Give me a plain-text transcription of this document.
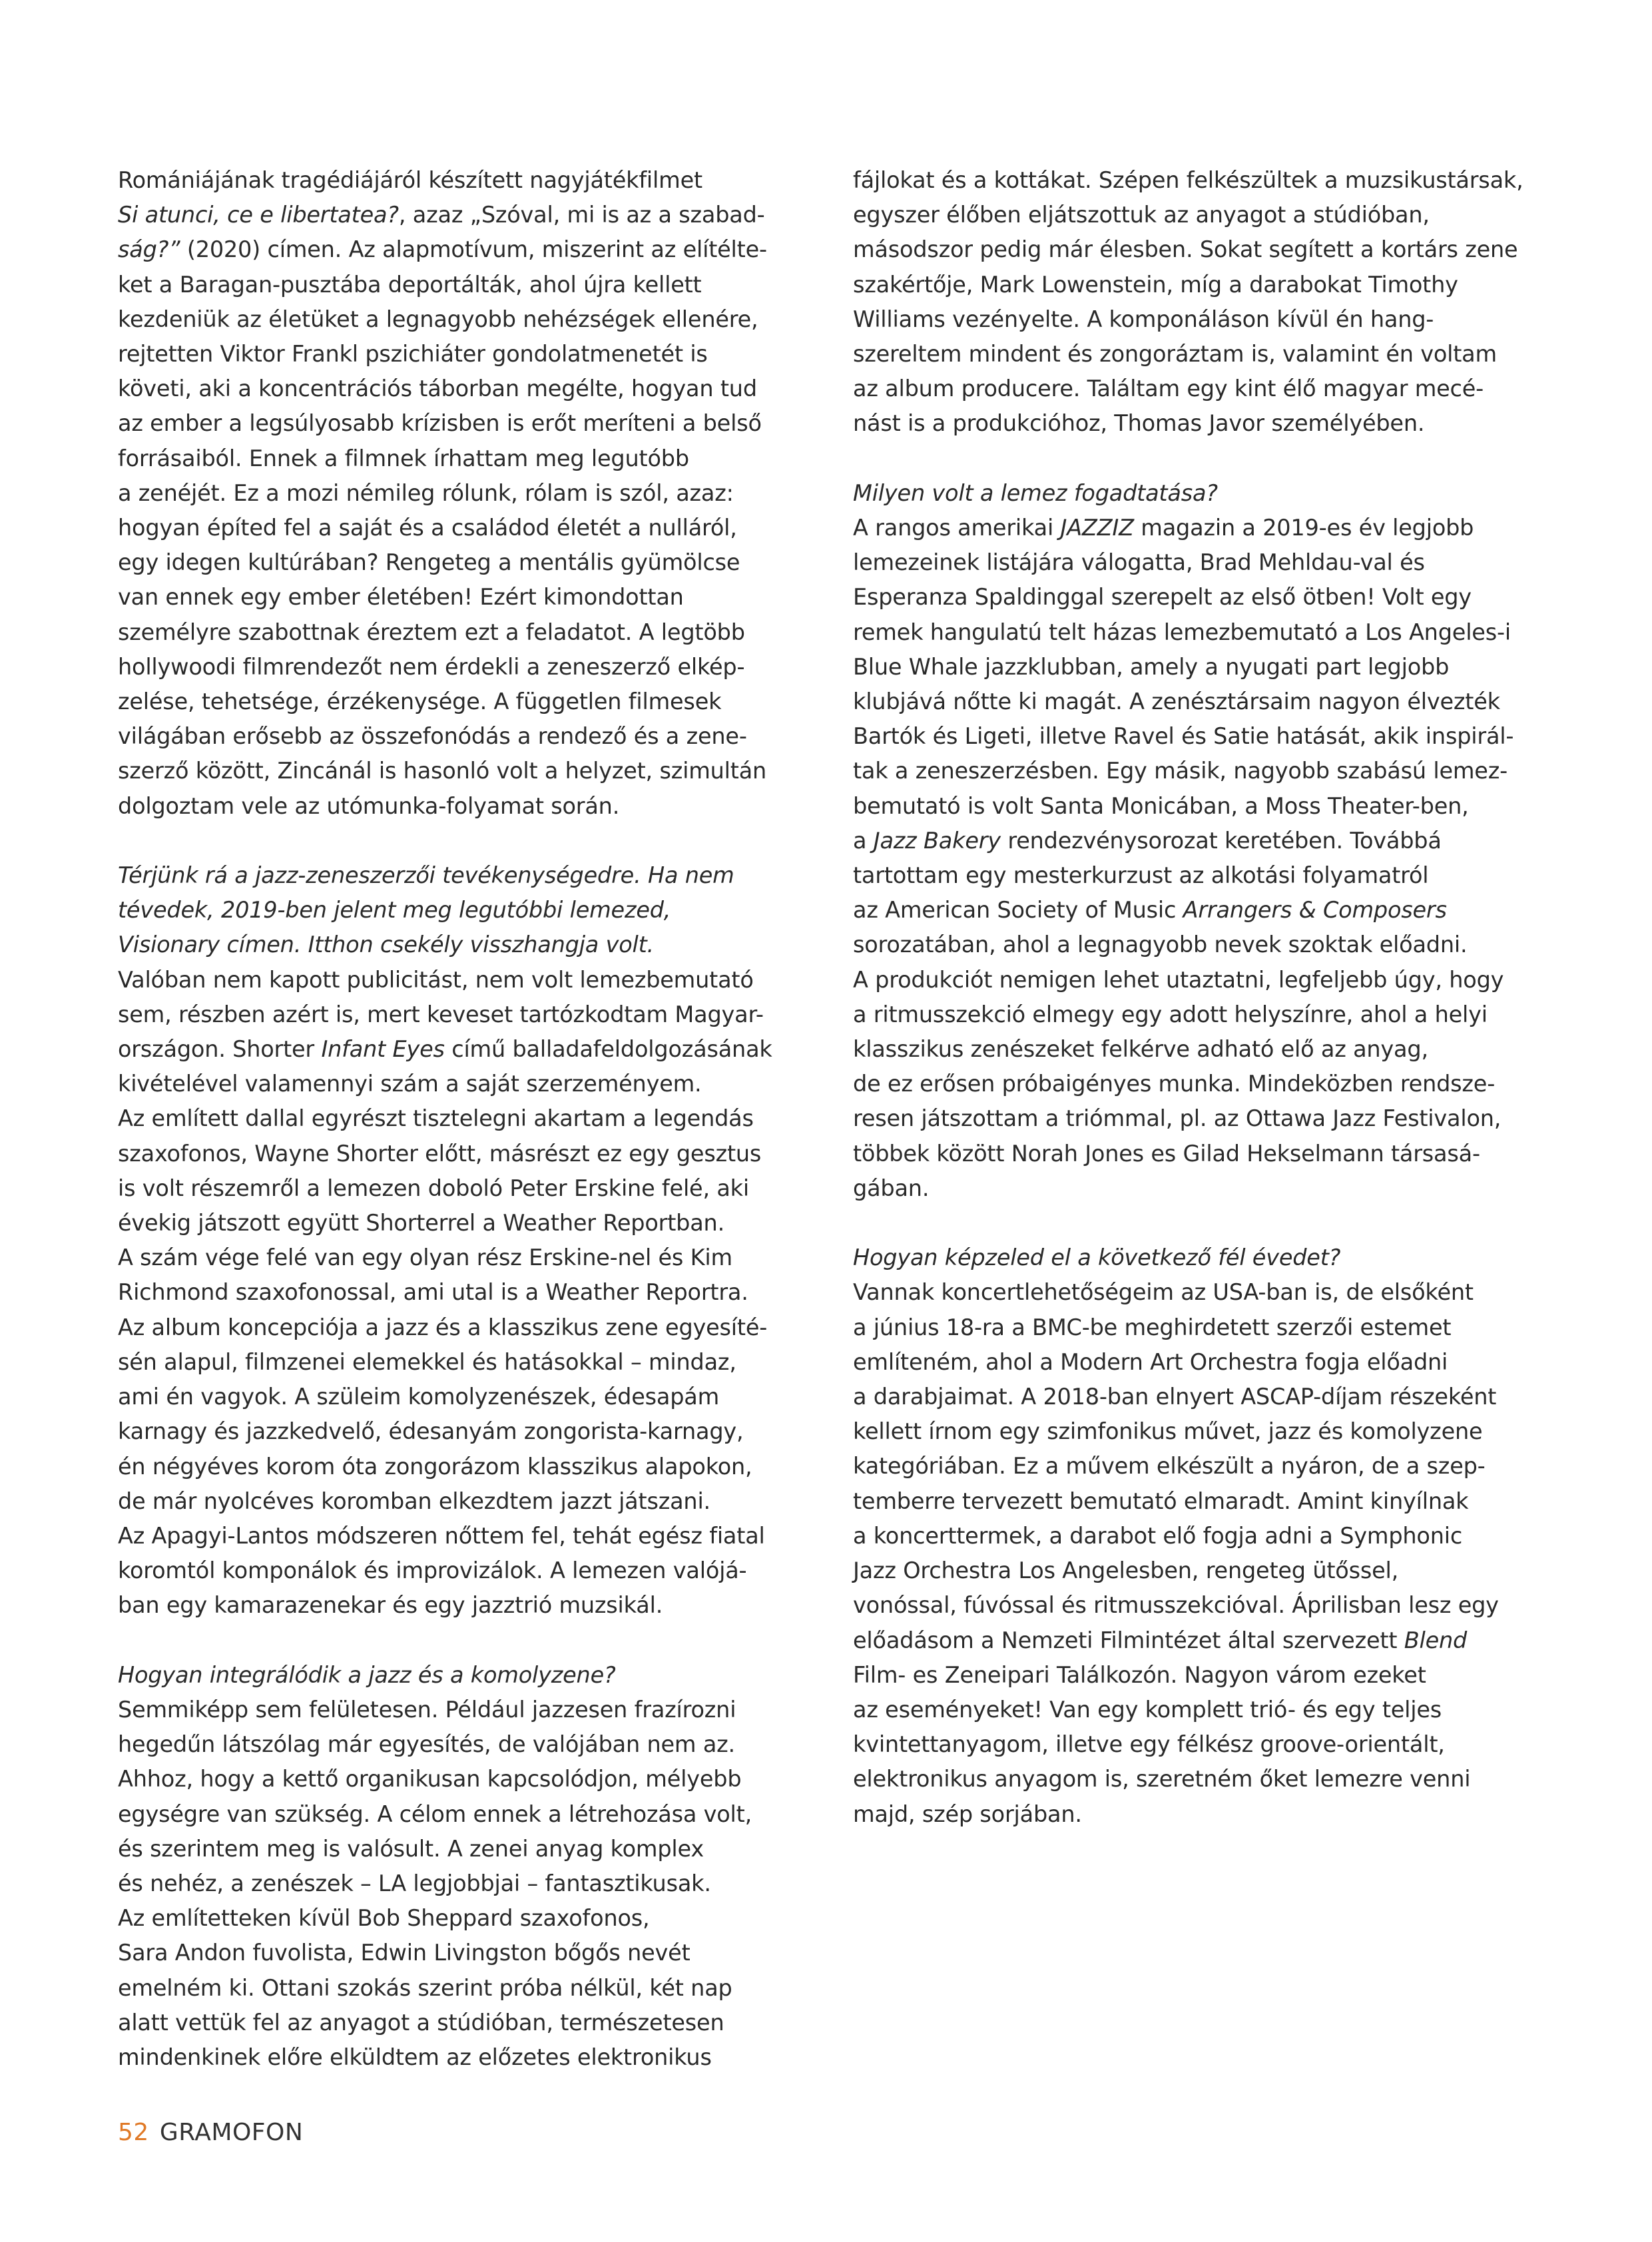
Romániájának tragédiájáról készített nagyjátékfilmet
Si atunci, ce e libertatea?, azaz „Szóval, mi is az a szabad-
ság?” (2020) címen. Az alapmotívum, miszerint az elítélte-
ket a Baragan-pusztába deportálták, ahol újra kellett
kezdeniük az életüket a legnagyobb nehézségek ellenére,
rejtetten Viktor Frankl pszichiáter gondolatmenetét is
követi, aki a koncentrációs táborban megélte, hogyan tud
az ember a legsúlyosabb krízisben is erőt meríteni a belső
forrásaiból. Ennek a filmnek írhattam meg legutóbb
a zenéjét. Ez a mozi némileg rólunk, rólam is szól, azaz:
hogyan építed fel a saját és a családod életét a nulláról,
egy idegen kultúrában? Rengeteg a mentális gyümölcse
van ennek egy ember életében! Ezért kimondottan
személyre szabottnak éreztem ezt a feladatot. A legtöbb
hollywoodi filmrendezőt nem érdekli a zeneszerző elkép-
zelése, tehetsége, érzékenysége. A független filmesek
világában erősebb az összefonódás a rendező és a zene-
szerző között, Zincánál is hasonló volt a helyzet, szimultán
dolgoztam vele az utómunka-folyamat során.
Térjünk rá a jazz-zeneszerzői tevékenységedre. Ha nem
tévedek, 2019-ben jelent meg legutóbbi lemezed,
Visionary címen. Itthon csekély visszhangja volt.
Valóban nem kapott publicitást, nem volt lemezbemutató
sem, részben azért is, mert keveset tartózkodtam Magyar-
országon. Shorter Infant Eyes című balladafeldolgozásának
kivételével valamennyi szám a saját szerzeményem.
Az említett dallal egyrészt tisztelegni akartam a legendás
szaxofonos, Wayne Shorter előtt, másrészt ez egy gesztus
is volt részemről a lemezen doboló Peter Erskine felé, aki
évekig játszott együtt Shorterrel a Weather Reportban.
A szám vége felé van egy olyan rész Erskine-nel és Kim
Richmond szaxofonossal, ami utal is a Weather Reportra.
Az album koncepciója a jazz és a klasszikus zene egyesíté-
sén alapul, filmzenei elemekkel és hatásokkal – mindaz,
ami én vagyok. A szüleim komolyzenészek, édesapám
karnagy és jazzkedvelő, édesanyám zongorista-karnagy,
én négyéves korom óta zongorázom klasszikus alapokon,
de már nyolcéves koromban elkezdtem jazzt játszani.
Az Apagyi-Lantos módszeren nőttem fel, tehát egész fiatal
koromtól komponálok és improvizálok. A lemezen valójá-
ban egy kamarazenekar és egy jazztrió muzsikál.
Hogyan integrálódik a jazz és a komolyzene?
Semmiképp sem felületesen. Például jazzesen frazírozni
hegedűn látszólag már egyesítés, de valójában nem az.
Ahhoz, hogy a kettő organikusan kapcsolódjon, mélyebb
egységre van szükség. A célom ennek a létrehozása volt,
és szerintem meg is valósult. A zenei anyag komplex
és nehéz, a zenészek – LA legjobbjai – fantasztikusak.
Az említetteken kívül Bob Sheppard szaxofonos,
Sara Andon fuvolista, Edwin Livingston bőgős nevét
emelném ki. Ottani szokás szerint próba nélkül, két nap
alatt vettük fel az anyagot a stúdióban, természetesen
mindenkinek előre elküldtem az előzetes elektronikus
fájlokat és a kottákat. Szépen felkészültek a muzsikustársak,
egyszer élőben eljátszottuk az anyagot a stúdióban,
másodszor pedig már élesben. Sokat segített a kortárs zene
szakértője, Mark Lowenstein, míg a darabokat Timothy
Williams vezényelte. A komponáláson kívül én hang-
szereltem mindent és zongoráztam is, valamint én voltam
az album producere. Találtam egy kint élő magyar mecé-
nást is a produkcióhoz, Thomas Javor személyében.
Milyen volt a lemez fogadtatása?
A rangos amerikai JAZZIZ magazin a 2019-es év legjobb
lemezeinek listájára válogatta, Brad Mehldau-val és
Esperanza Spaldinggal szerepelt az első ötben! Volt egy
remek hangulatú telt házas lemezbemutató a Los Angeles-i
Blue Whale jazzklubban, amely a nyugati part legjobb
klubjává nőtte ki magát. A zenésztársaim nagyon élvezték
Bartók és Ligeti, illetve Ravel és Satie hatását, akik inspirál-
tak a zeneszerzésben. Egy másik, nagyobb szabású lemez-
bemutató is volt Santa Monicában, a Moss Theater-ben,
a Jazz Bakery rendezvénysorozat keretében. Továbbá
tartottam egy mesterkurzust az alkotási folyamatról
az American Society of Music Arrangers & Composers
sorozatában, ahol a legnagyobb nevek szoktak előadni.
A produkciót nemigen lehet utaztatni, legfeljebb úgy, hogy
a ritmusszekció elmegy egy adott helyszínre, ahol a helyi
klasszikus zenészeket felkérve adható elő az anyag,
de ez erősen próbaigényes munka. Mindeközben rendsze-
resen játszottam a triómmal, pl. az Ottawa Jazz Festivalon,
többek között Norah Jones es Gilad Hekselmann társasá-
gában.
Hogyan képzeled el a következő fél évedet?
Vannak koncertlehetőségeim az USA-ban is, de elsőként
a június 18-ra a BMC-be meghirdetett szerzői estemet
említeném, ahol a Modern Art Orchestra fogja előadni
a darabjaimat. A 2018-ban elnyert ASCAP-díjam részeként
kellett írnom egy szimfonikus művet, jazz és komolyzene
kategóriában. Ez a művem elkészült a nyáron, de a szep-
temberre tervezett bemutató elmaradt. Amint kinyílnak
a koncerttermek, a darabot elő fogja adni a Symphonic
Jazz Orchestra Los Angelesben, rengeteg ütőssel,
vonóssal, fúvóssal és ritmusszekcióval. Áprilisban lesz egy
előadásom a Nemzeti Filmintézet által szervezett Blend
Film- es Zeneipari Találkozón. Nagyon várom ezeket
az eseményeket! Van egy komplett trió- és egy teljes
kvintettanyagom, illetve egy félkész groove-orientált,
elektronikus anyagom is, szeretném őket lemezre venni
majd, szép sorjában.
52 GRAMOFON
